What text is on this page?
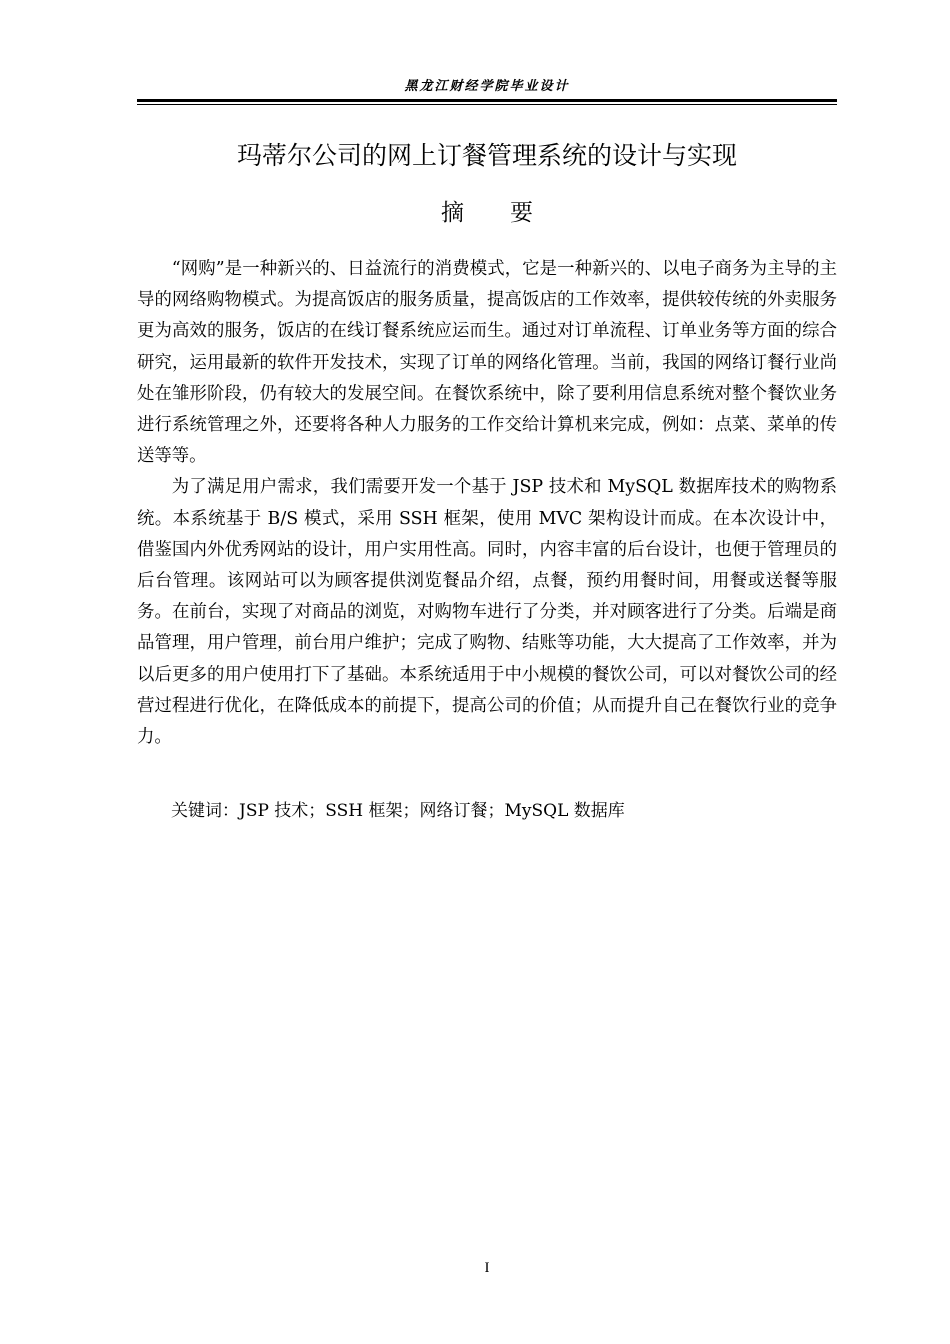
黑龙江财经学院毕业设计
玛蒂尔公司的网上订餐管理系统的设计与实现
摘 要

“网购”是一种新兴的、日益流行的消费模式，它是一种新兴的、以电子商务为主导的主导的网络购物模式。为提高饭店的服务质量，提高饭店的工作效率，提供较传统的外卖服务更为高效的服务，饭店的在线订餐系统应运而生。通过对订单流程、订单业务等方面的综合研究，运用最新的软件开发技术，实现了订单的网络化管理。当前，我国的网络订餐行业尚处在雏形阶段，仍有较大的发展空间。在餐饮系统中，除了要利用信息系统对整个餐饮业务进行系统管理之外，还要将各种人力服务的工作交给计算机来完成，例如：点菜、菜单的传送等等。

为了满足用户需求，我们需要开发一个基于 JSP 技术和 MySQL 数据库技术的购物系统。本系统基于 B/S 模式，采用 SSH 框架，使用 MVC 架构设计而成。在本次设计中，借鉴国内外优秀网站的设计，用户实用性高。同时，内容丰富的后台设计，也便于管理员的后台管理。该网站可以为顾客提供浏览餐品介绍，点餐，预约用餐时间，用餐或送餐等服务。在前台，实现了对商品的浏览，对购物车进行了分类，并对顾客进行了分类。后端是商品管理，用户管理，前台用户维护；完成了购物、结账等功能，大大提高了工作效率，并为以后更多的用户使用打下了基础。本系统适用于中小规模的餐饮公司，可以对餐饮公司的经营过程进行优化，在降低成本的前提下，提高公司的价值；从而提升自己在餐饮行业的竞争力。

关键词：JSP 技术；SSH 框架；网络订餐；MySQL 数据库
I
